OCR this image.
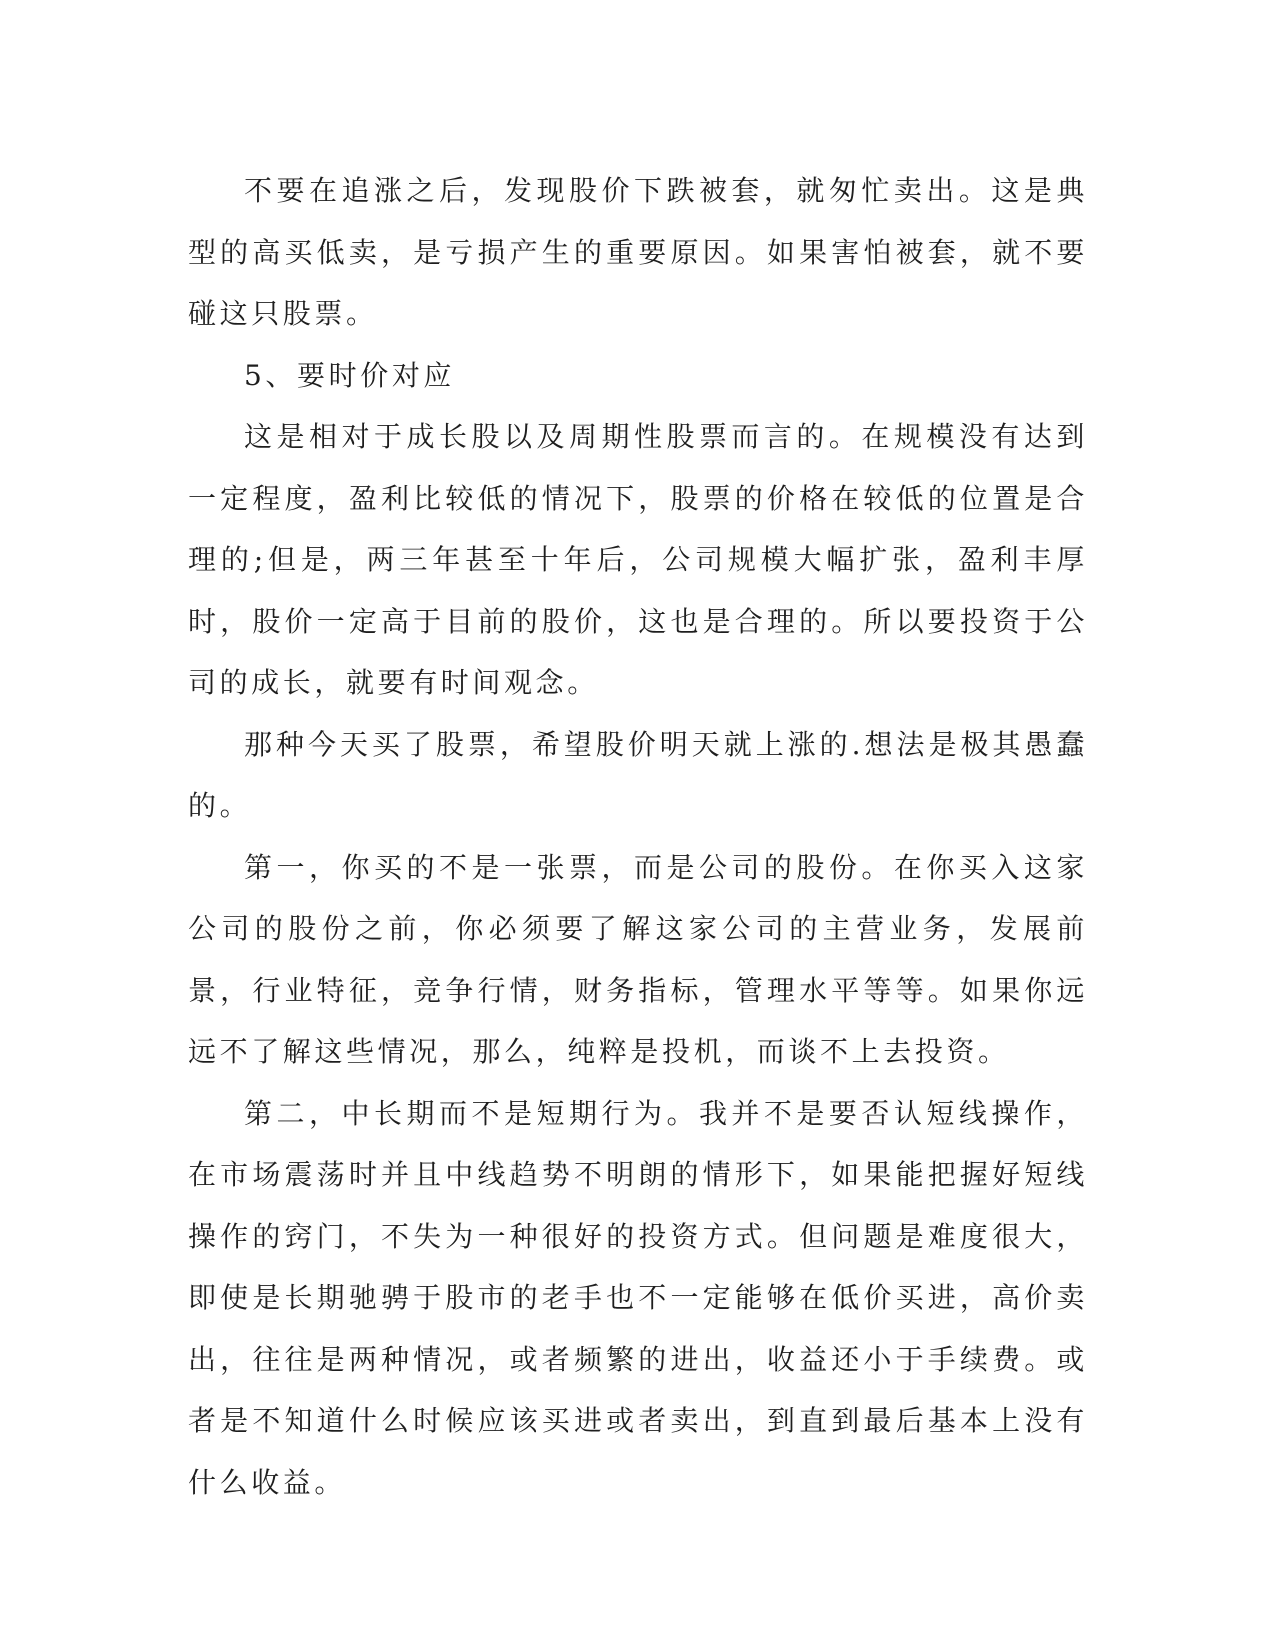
不要在追涨之后，发现股价下跌被套，就匆忙卖出。这是典型的高买低卖，是亏损产生的重要原因。如果害怕被套，就不要碰这只股票。

5、要时价对应

这是相对于成长股以及周期性股票而言的。在规模没有达到一定程度，盈利比较低的情况下，股票的价格在较低的位置是合理的;但是，两三年甚至十年后，公司规模大幅扩张，盈利丰厚时，股价一定高于目前的股价，这也是合理的。所以要投资于公司的成长，就要有时间观念。

那种今天买了股票，希望股价明天就上涨的.想法是极其愚蠢的。

第一，你买的不是一张票，而是公司的股份。在你买入这家公司的股份之前，你必须要了解这家公司的主营业务，发展前景，行业特征，竞争行情，财务指标，管理水平等等。如果你远远不了解这些情况，那么，纯粹是投机，而谈不上去投资。

第二，中长期而不是短期行为。我并不是要否认短线操作，在市场震荡时并且中线趋势不明朗的情形下，如果能把握好短线操作的窍门，不失为一种很好的投资方式。但问题是难度很大，即使是长期驰骋于股市的老手也不一定能够在低价买进，高价卖出，往往是两种情况，或者频繁的进出，收益还小于手续费。或者是不知道什么时候应该买进或者卖出，到直到最后基本上没有什么收益。
